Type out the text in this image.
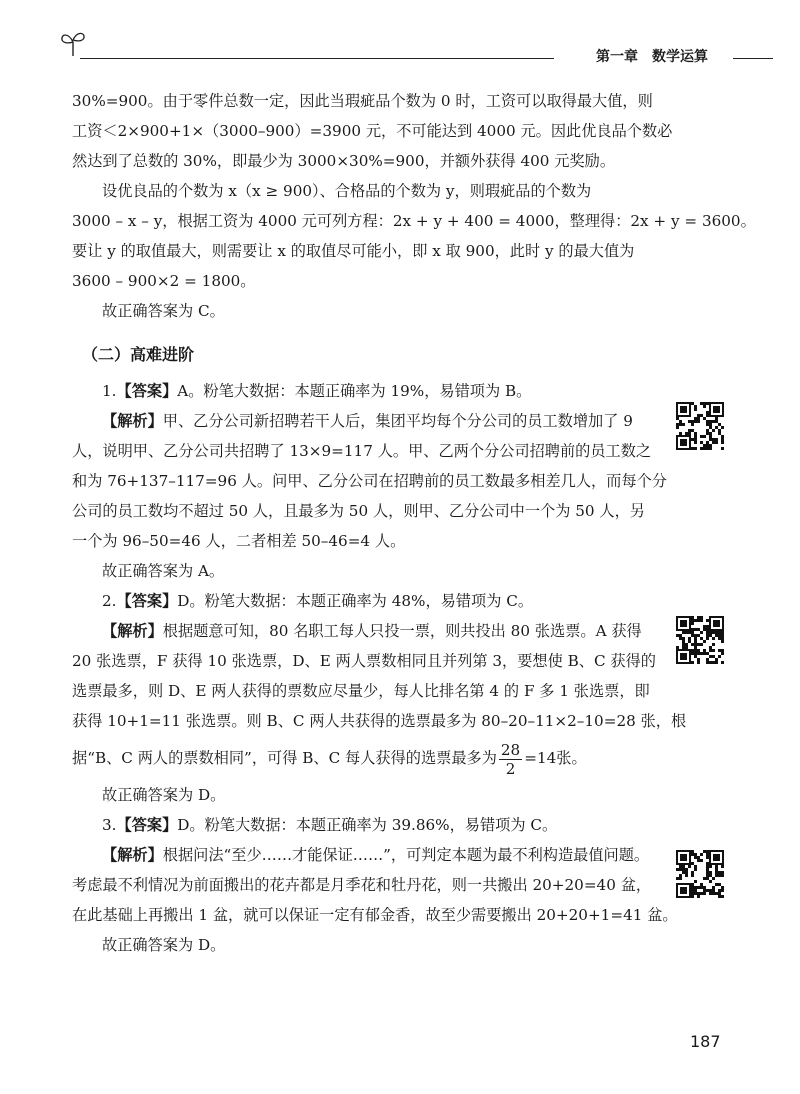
第一章　数学运算
30%=900。由于零件总数一定，因此当瑕疵品个数为 0 时，工资可以取得最大值，则
工资＜2×900+1×（3000–900）=3900 元，不可能达到 4000 元。因此优良品个数必
然达到了总数的 30%，即最少为 3000×30%=900，并额外获得 400 元奖励。
设优良品的个数为 x（x ≥ 900）、合格品的个数为 y，则瑕疵品的个数为
3000 – x – y，根据工资为 4000 元可列方程：2x + y + 400 = 4000，整理得：2x + y = 3600。
要让 y 的取值最大，则需要让 x 的取值尽可能小，即 x 取 900，此时 y 的最大值为
3600 – 900×2 = 1800。
故正确答案为 C。
（二）高难进阶
1.【答案】A。粉笔大数据：本题正确率为 19%，易错项为 B。
【解析】甲、乙分公司新招聘若干人后，集团平均每个分公司的员工数增加了 9
人，说明甲、乙分公司共招聘了 13×9=117 人。甲、乙两个分公司招聘前的员工数之
和为 76+137–117=96 人。问甲、乙分公司在招聘前的员工数最多相差几人，而每个分
公司的员工数均不超过 50 人，且最多为 50 人，则甲、乙分公司中一个为 50 人，另
一个为 96–50=46 人，二者相差 50–46=4 人。
故正确答案为 A。
2.【答案】D。粉笔大数据：本题正确率为 48%，易错项为 C。
【解析】根据题意可知，80 名职工每人只投一票，则共投出 80 张选票。A 获得
20 张选票，F 获得 10 张选票，D、E 两人票数相同且并列第 3，要想使 B、C 获得的
选票最多，则 D、E 两人获得的票数应尽量少，每人比排名第 4 的 F 多 1 张选票，即
获得 10+1=11 张选票。则 B、C 两人共获得的选票最多为 80–20–11×2–10=28 张，根
据“B、C 两人的票数相同”，可得 B、C 每人获得的选票最多为 $\frac{28}{2} =14$张。
故正确答案为 D。
3.【答案】D。粉笔大数据：本题正确率为 39.86%，易错项为 C。
【解析】根据问法“至少……才能保证……”，可判定本题为最不利构造最值问题。
考虑最不利情况为前面搬出的花卉都是月季花和牡丹花，则一共搬出 20+20=40 盆，
在此基础上再搬出 1 盆，就可以保证一定有郁金香，故至少需要搬出 20+20+1=41 盆。
故正确答案为 D。
187
